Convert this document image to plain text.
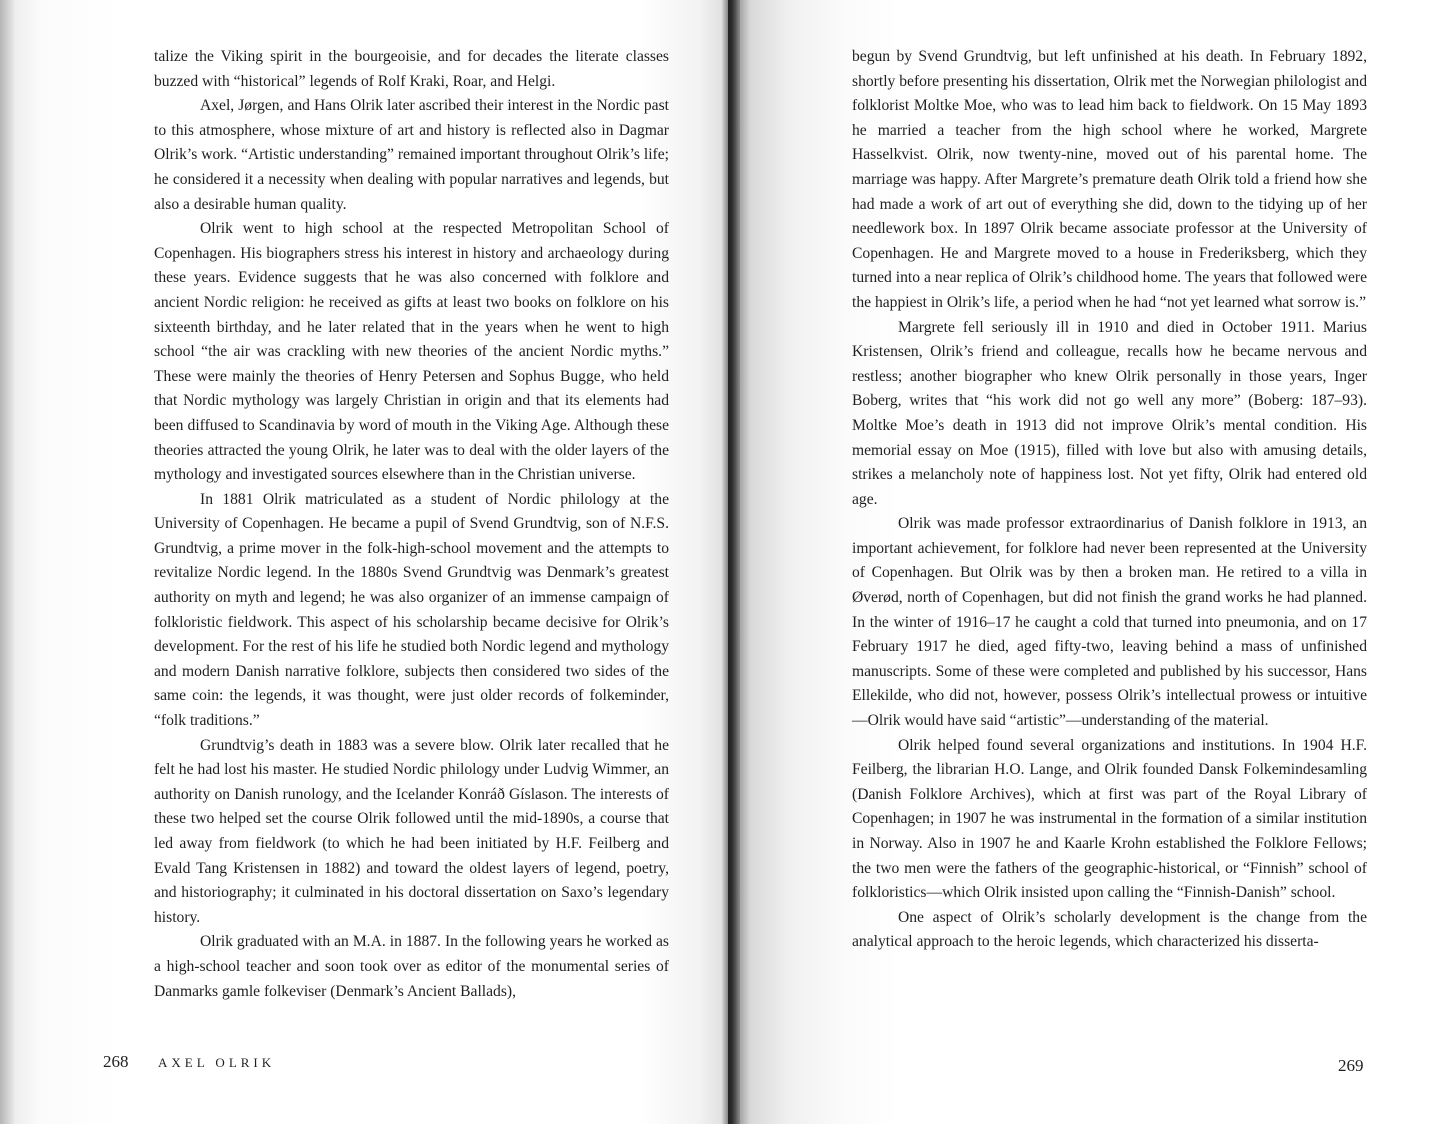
talize the Viking spirit in the bourgeoisie, and for decades the literate classes buzzed with “historical” legends of Rolf Kraki, Roar, and Helgi.

Axel, Jørgen, and Hans Olrik later ascribed their interest in the Nordic past to this atmosphere, whose mixture of art and history is reflected also in Dagmar Olrik’s work. “Artistic understanding” remained important throughout Olrik’s life; he considered it a necessity when dealing with popular narratives and legends, but also a desirable human quality.

Olrik went to high school at the respected Metropolitan School of Copenhagen. His biographers stress his interest in history and archaeology during these years. Evidence suggests that he was also concerned with folklore and ancient Nordic religion: he received as gifts at least two books on folklore on his sixteenth birthday, and he later related that in the years when he went to high school “the air was crackling with new theories of the ancient Nordic myths.” These were mainly the theories of Henry Petersen and Sophus Bugge, who held that Nordic mythology was largely Christian in origin and that its elements had been diffused to Scandinavia by word of mouth in the Viking Age. Although these theories attracted the young Olrik, he later was to deal with the older layers of the mythology and investigated sources elsewhere than in the Christian universe.

In 1881 Olrik matriculated as a student of Nordic philology at the University of Copenhagen. He became a pupil of Svend Grundtvig, son of N.F.S. Grundtvig, a prime mover in the folk-high-school movement and the attempts to revitalize Nordic legend. In the 1880s Svend Grundtvig was Denmark’s greatest authority on myth and legend; he was also organizer of an immense campaign of folkloristic fieldwork. This aspect of his scholarship became decisive for Olrik’s development. For the rest of his life he studied both Nordic legend and mythology and modern Danish narrative folklore, subjects then considered two sides of the same coin: the legends, it was thought, were just older records of folkeminder, “folk traditions.”

Grundtvig’s death in 1883 was a severe blow. Olrik later recalled that he felt he had lost his master. He studied Nordic philology under Ludvig Wimmer, an authority on Danish runology, and the Icelander Konráð Gíslason. The interests of these two helped set the course Olrik followed until the mid-1890s, a course that led away from fieldwork (to which he had been initiated by H.F. Feilberg and Evald Tang Kristensen in 1882) and toward the oldest layers of legend, poetry, and historiography; it culminated in his doctoral dissertation on Saxo’s legendary history.

Olrik graduated with an M.A. in 1887. In the following years he worked as a high-school teacher and soon took over as editor of the monumental series of Danmarks gamle folkeviser (Denmark’s Ancient Ballads),

268 AXEL OLRIK

begun by Svend Grundtvig, but left unfinished at his death. In February 1892, shortly before presenting his dissertation, Olrik met the Norwegian philologist and folklorist Moltke Moe, who was to lead him back to fieldwork. On 15 May 1893 he married a teacher from the high school where he worked, Margrete Hasselkvist. Olrik, now twenty-nine, moved out of his parental home. The marriage was happy. After Margrete’s premature death Olrik told a friend how she had made a work of art out of everything she did, down to the tidying up of her needlework box. In 1897 Olrik became associate professor at the University of Copenhagen. He and Margrete moved to a house in Frederiksberg, which they turned into a near replica of Olrik’s childhood home. The years that followed were the happiest in Olrik’s life, a period when he had “not yet learned what sorrow is.”

Margrete fell seriously ill in 1910 and died in October 1911. Marius Kristensen, Olrik’s friend and colleague, recalls how he became nervous and restless; another biographer who knew Olrik personally in those years, Inger Boberg, writes that “his work did not go well any more” (Boberg: 187–93). Moltke Moe’s death in 1913 did not improve Olrik’s mental condition. His memorial essay on Moe (1915), filled with love but also with amusing details, strikes a melancholy note of happiness lost. Not yet fifty, Olrik had entered old age.

Olrik was made professor extraordinarius of Danish folklore in 1913, an important achievement, for folklore had never been represented at the University of Copenhagen. But Olrik was by then a broken man. He retired to a villa in Øverød, north of Copenhagen, but did not finish the grand works he had planned. In the winter of 1916–17 he caught a cold that turned into pneumonia, and on 17 February 1917 he died, aged fifty-two, leaving behind a mass of unfinished manuscripts. Some of these were completed and published by his successor, Hans Ellekilde, who did not, however, possess Olrik’s intellectual prowess or intuitive—Olrik would have said “artistic”—understanding of the material.

Olrik helped found several organizations and institutions. In 1904 H.F. Feilberg, the librarian H.O. Lange, and Olrik founded Dansk Folkemindesamling (Danish Folklore Archives), which at first was part of the Royal Library of Copenhagen; in 1907 he was instrumental in the formation of a similar institution in Norway. Also in 1907 he and Kaarle Krohn established the Folklore Fellows; the two men were the fathers of the geographic-historical, or “Finnish” school of folkloristics—which Olrik insisted upon calling the “Finnish-Danish” school.

One aspect of Olrik’s scholarly development is the change from the analytical approach to the heroic legends, which characterized his disserta-

269
